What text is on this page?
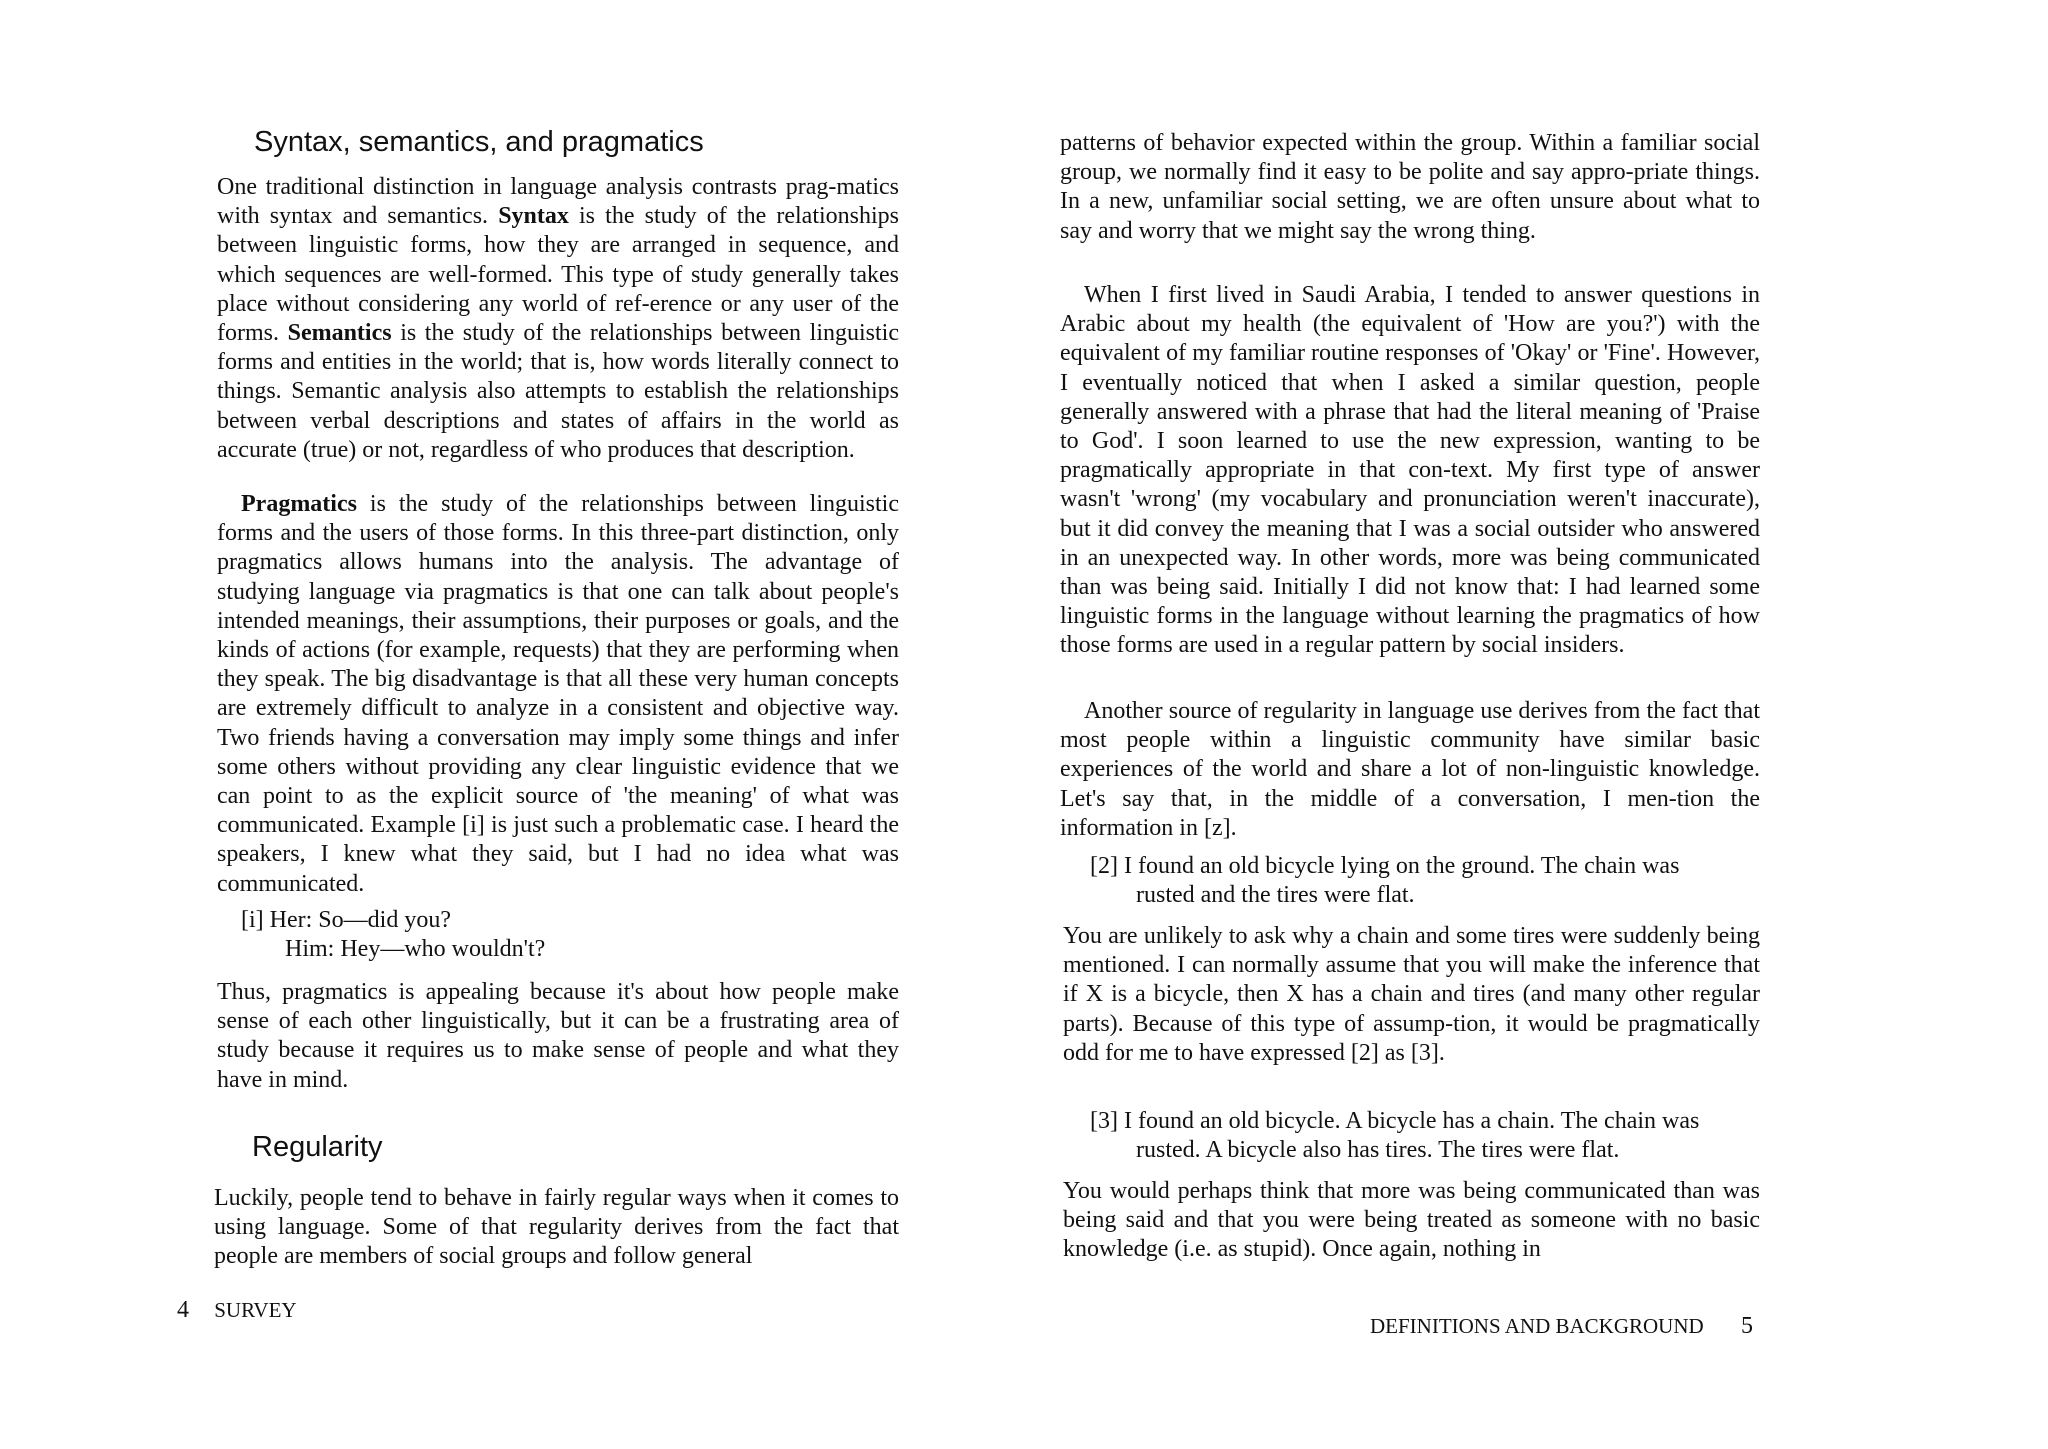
Syntax, semantics, and pragmatics

One traditional distinction in language analysis contrasts prag-matics with syntax and semantics. Syntax is the study of the relationships between linguistic forms, how they are arranged in sequence, and which sequences are well-formed. This type of study generally takes place without considering any world of ref-erence or any user of the forms. Semantics is the study of the relationships between linguistic forms and entities in the world; that is, how words literally connect to things. Semantic analysis also attempts to establish the relationships between verbal descriptions and states of affairs in the world as accurate (true) or not, regardless of who produces that description.

Pragmatics is the study of the relationships between linguistic forms and the users of those forms. In this three-part distinction, only pragmatics allows humans into the analysis. The advantage of studying language via pragmatics is that one can talk about people's intended meanings, their assumptions, their purposes or goals, and the kinds of actions (for example, requests) that they are performing when they speak. The big disadvantage is that all these very human concepts are extremely difficult to analyze in a consistent and objective way. Two friends having a conversation may imply some things and infer some others without providing any clear linguistic evidence that we can point to as the explicit source of 'the meaning' of what was communicated. Example [i] is just such a problematic case. I heard the speakers, I knew what they said, but I had no idea what was communicated.

[i] Her: So—did you?
Him: Hey—who wouldn't?

Thus, pragmatics is appealing because it's about how people make sense of each other linguistically, but it can be a frustrating area of study because it requires us to make sense of people and what they have in mind.

Regularity

Luckily, people tend to behave in fairly regular ways when it comes to using language. Some of that regularity derives from the fact that people are members of social groups and follow general

4 SURVEY

patterns of behavior expected within the group. Within a familiar social group, we normally find it easy to be polite and say appro-priate things. In a new, unfamiliar social setting, we are often unsure about what to say and worry that we might say the wrong thing.

When I first lived in Saudi Arabia, I tended to answer questions in Arabic about my health (the equivalent of 'How are you?') with the equivalent of my familiar routine responses of 'Okay' or 'Fine'. However, I eventually noticed that when I asked a similar question, people generally answered with a phrase that had the literal meaning of 'Praise to God'. I soon learned to use the new expression, wanting to be pragmatically appropriate in that con-text. My first type of answer wasn't 'wrong' (my vocabulary and pronunciation weren't inaccurate), but it did convey the meaning that I was a social outsider who answered in an unexpected way. In other words, more was being communicated than was being said. Initially I did not know that: I had learned some linguistic forms in the language without learning the pragmatics of how those forms are used in a regular pattern by social insiders.

Another source of regularity in language use derives from the fact that most people within a linguistic community have similar basic experiences of the world and share a lot of non-linguistic knowledge. Let's say that, in the middle of a conversation, I men-tion the information in [z].

[2] I found an old bicycle lying on the ground. The chain was
rusted and the tires were flat.

You are unlikely to ask why a chain and some tires were suddenly being mentioned. I can normally assume that you will make the inference that if X is a bicycle, then X has a chain and tires (and many other regular parts). Because of this type of assump-tion, it would be pragmatically odd for me to have expressed [2] as [3].

[3] I found an old bicycle. A bicycle has a chain. The chain was
rusted. A bicycle also has tires. The tires were flat.

You would perhaps think that more was being communicated than was being said and that you were being treated as someone with no basic knowledge (i.e. as stupid). Once again, nothing in

DEFINITIONS AND BACKGROUND 5
